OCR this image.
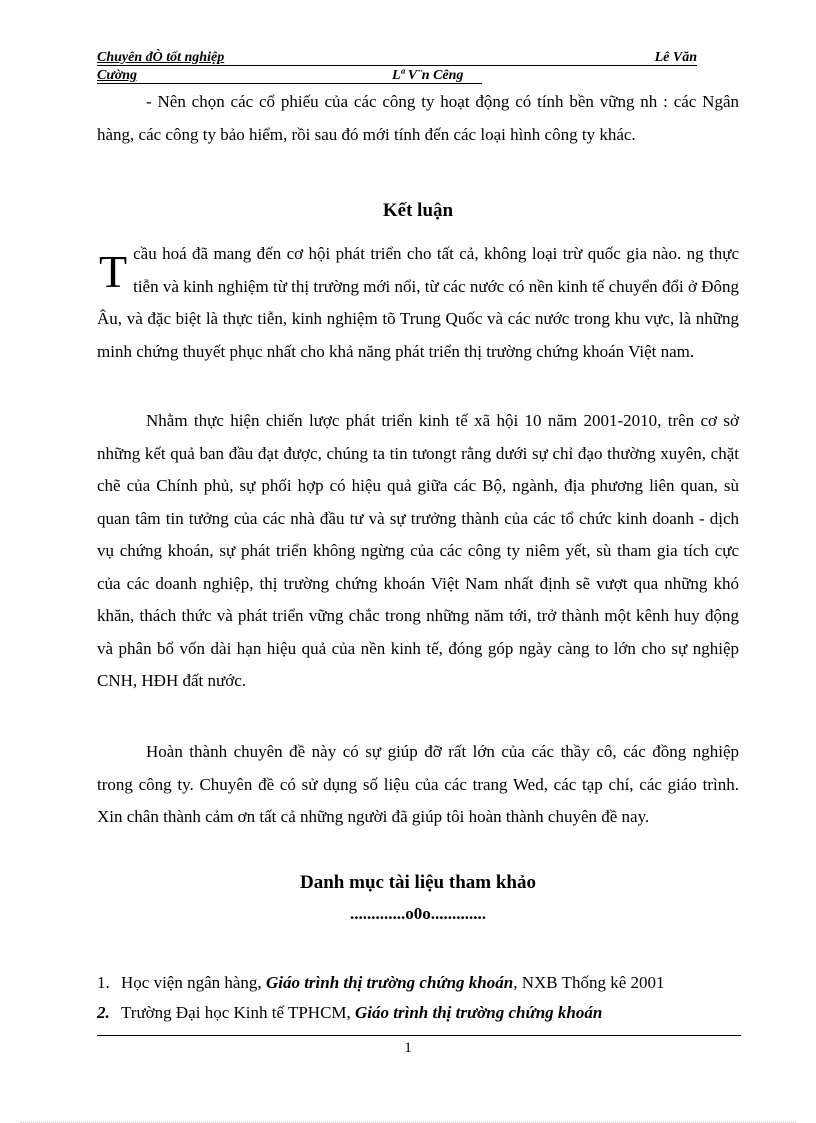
Chuyên đÒ tốt nghiệp	Lê Văn
Cường	Lª V¨n Cêng

- Nên chọn các cổ phiếu của các công ty hoạt động có tính bền vững nh : các Ngân hàng, các công ty bảo hiểm, rồi sau đó mới tính đến các loại hình công ty khác.

Kết luận
T cầu hoá đã mang đến cơ hội phát triển cho tất cả, không loại trừ quốc gia nào. ng thực tiễn và kinh nghiệm từ thị trường mới nổi, từ các nước có nền kinh tế chuyển đổi ở Đông Âu, và đặc biệt là thực tiễn, kinh nghiệm tõ Trung Quốc và các nước trong khu vực, là những minh chứng thuyết phục nhất cho khả năng phát triển thị trường chứng khoán Việt nam.

Nhằm thực hiện chiến lược phát triển kinh tế xã hội 10 năm 2001-2010, trên cơ sở những kết quả ban đầu đạt được, chúng ta tin tưongt rằng dưới sự chỉ đạo thường xuyên, chặt chẽ của Chính phủ, sự phối hợp có hiệu quả giữa các Bộ, ngành, địa phương liên quan, sù quan tâm tin tưởng của các nhà đầu tư và sự trưởng thành của các tổ chức kinh doanh - dịch vụ chứng khoán, sự phát triển không ngừng của các công ty niêm yết, sù tham gia tích cực của các doanh nghiệp, thị trường chứng khoán Việt Nam nhất định sẽ vượt qua những khó khăn, thách thức và phát triển vững chắc trong những năm tới, trở thành một kênh huy động và phân bổ vốn dài hạn hiệu quả của nền kinh tế, đóng góp ngày càng to lớn cho sự nghiệp CNH, HĐH đất nước.

Hoàn thành chuyên đề này có sự giúp đỡ rất lớn của các thầy cô, các đồng nghiệp trong công ty. Chuyên đề có sử dụng số liệu của các trang Wed, các tạp chí, các giáo trình. Xin chân thành cảm ơn tất cả những người đã giúp tôi hoàn thành chuyên đề nay.

Danh mục tài liệu tham khảo
.............o0o.............
1. Học viện ngân hàng, Giáo trình thị trường chứng khoán, NXB Thống kê 2001
2. Trường Đại học Kinh tế TPHCM, Giáo trình thị trường chứng khoán
1
